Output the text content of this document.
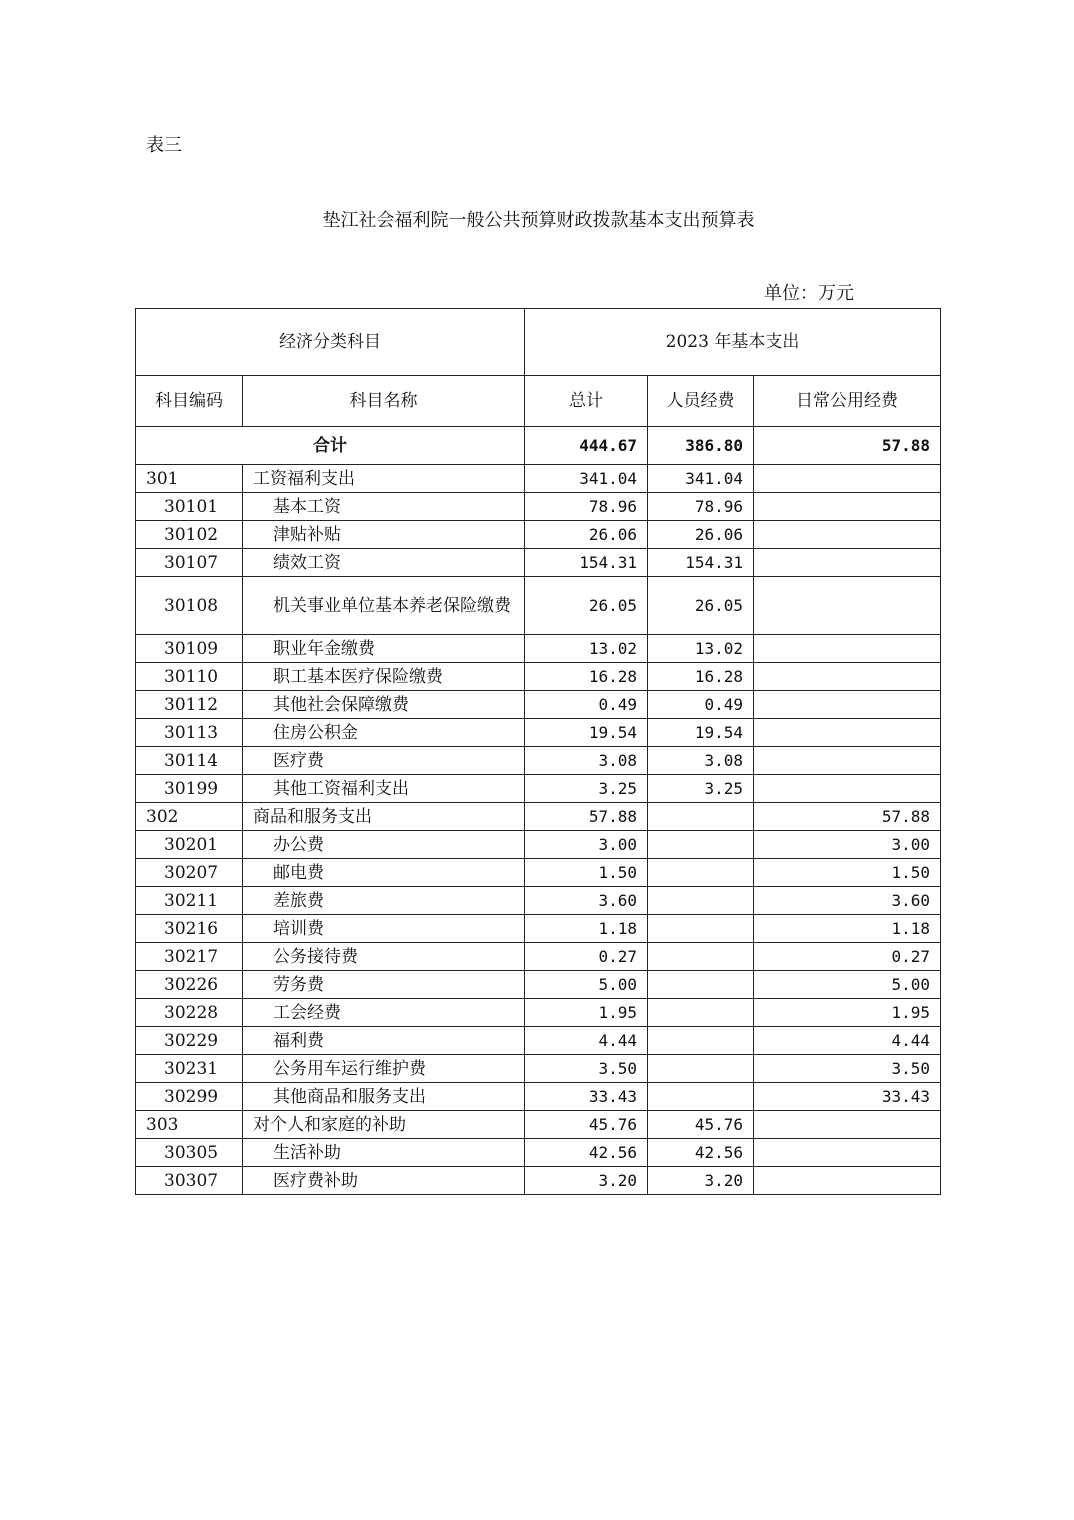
表三
垫江社会福利院一般公共预算财政拨款基本支出预算表
单位：万元
经济分类科目		2023 年基本支出		
科目编码	科目名称	总计	人员经费	日常公用经费
合计		444.67	386.80	57.88
301	工资福利支出	341.04	341.04	
30101	基本工资	78.96	78.96	
30102	津贴补贴	26.06	26.06	
30107	绩效工资	154.31	154.31	
30108	机关事业单位基本养老保险缴费	26.05	26.05	
30109	职业年金缴费	13.02	13.02	
30110	职工基本医疗保险缴费	16.28	16.28	
30112	其他社会保障缴费	0.49	0.49	
30113	住房公积金	19.54	19.54	
30114	医疗费	3.08	3.08	
30199	其他工资福利支出	3.25	3.25	
302	商品和服务支出	57.88		57.88
30201	办公费	3.00		3.00
30207	邮电费	1.50		1.50
30211	差旅费	3.60		3.60
30216	培训费	1.18		1.18
30217	公务接待费	0.27		0.27
30226	劳务费	5.00		5.00
30228	工会经费	1.95		1.95
30229	福利费	4.44		4.44
30231	公务用车运行维护费	3.50		3.50
30299	其他商品和服务支出	33.43		33.43
303	对个人和家庭的补助	45.76	45.76	
30305	生活补助	42.56	42.56	
30307	医疗费补助	3.20	3.20	
